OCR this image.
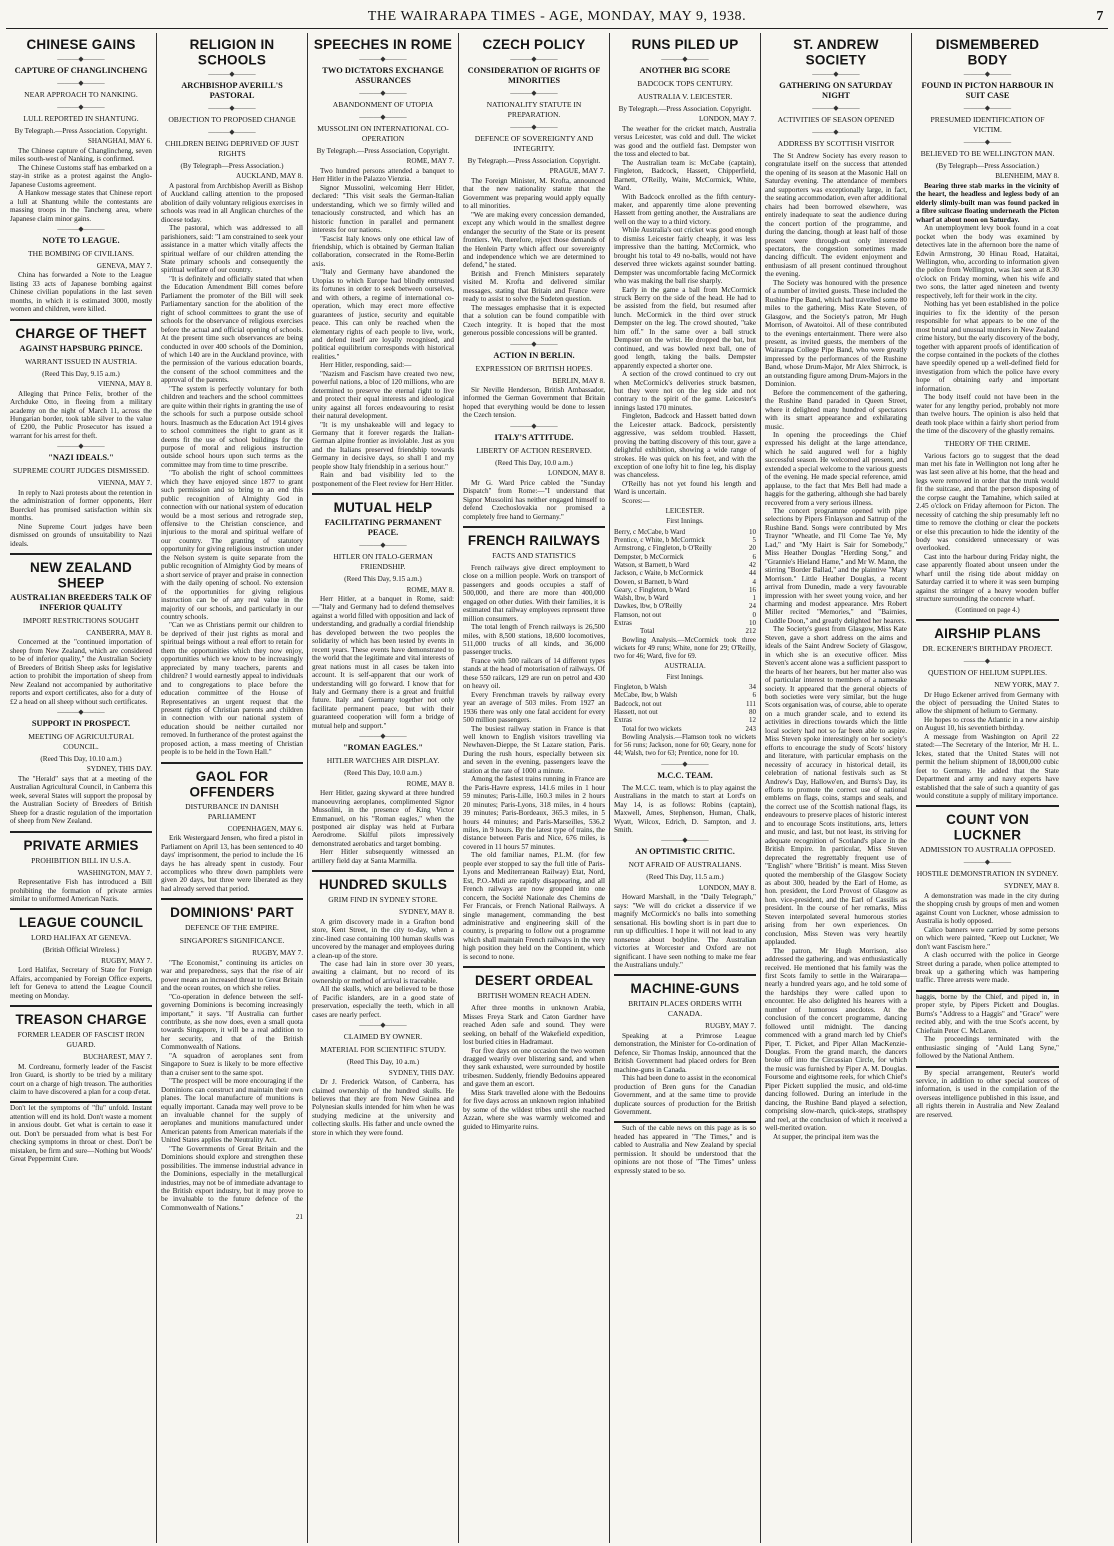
THE WAIRARAPA TIMES - AGE, MONDAY, MAY 9, 1938.	7
CHINESE GAINS
———◆———
CAPTURE OF CHANGLINCHENG
———◆———
NEAR APPROACH TO NANKING.
———◆———
LULL REPORTED IN SHANTUNG.
By Telegraph.—Press Association. Copyright.
SHANGHAI, MAY 6.

The Chinese capture of Changlincheng, seven miles south-west of Nanking, is confirmed.

The Chinese Customs staff has embarked on a stay-in strike as a protest against the Anglo-Japanese Customs agreement.

A Hankow message states that Chinese report a lull at Shantung while the contestants are massing troops in the Tancheng area, where Japanese claim minor gains.

———◆———
NOTE TO LEAGUE.
THE BOMBING OF CIVILIANS.
GENEVA, MAY 7.

China has forwarded a Note to the League listing 33 acts of Japanese bombing against Chinese civilian populations in the last seven months, in which it is estimated 3000, mostly women and children, were killed.

CHARGE OF THEFT
AGAINST HAPSBURG PRINCE.
WARRANT ISSUED IN AUSTRIA.
(Reed This Day, 9.15 a.m.)
VIENNA, MAY 8.

Alleging that Prince Felix, brother of the Archduke Otto, in fleeing from a military academy on the night of March 11, across the Hungarian border, took table silver to the value of £200, the Public Prosecutor has issued a warrant for his arrest for theft.

———◆———
"NAZI IDEALS."
SUPREME COURT JUDGES DISMISSED.
VIENNA, MAY 7.

In reply to Nazi protests about the retention in the administration of former opponents, Herr Buerckel has promised satisfaction within six months.

Nine Supreme Court judges have been dismissed on grounds of unsuitability to Nazi ideals.

NEW ZEALAND SHEEP
AUSTRALIAN BREEDERS TALK OF INFERIOR QUALITY
IMPORT RESTRICTIONS SOUGHT
CANBERRA, MAY 8.

Concerned at the "continued importation of sheep from New Zealand, which are considered to be of inferior quality," the Australian Society of Breeders of British Sheep asks for legislative action to prohibit the importation of sheep from New Zealand not accompanied by authoritative reports and export certificates, also for a duty of £2 a head on all sheep without such certificates.

———◆———
SUPPORT IN PROSPECT.
MEETING OF AGRICULTURAL COUNCIL.
(Reed This Day, 10.10 a.m.)
SYDNEY, THIS DAY.

The "Herald" says that at a meeting of the Australian Agricultural Council, in Canberra this week, several States will support the proposal by the Australian Society of Breeders of British Sheep for a drastic regulation of the importation of sheep from New Zealand.

PRIVATE ARMIES
PROHIBITION BILL IN U.S.A.
WASHINGTON, MAY 7.

Representative Fish has introduced a Bill prohibiting the formation of private armies similar to uniformed American Nazis.

LEAGUE COUNCIL
LORD HALIFAX AT GENEVA.
(British Official Wireless.)
RUGBY, MAY 7.

Lord Halifax, Secretary of State for Foreign Affairs, accompanied by Foreign Office experts, left for Geneva to attend the League Council meeting on Monday.

TREASON CHARGE
FORMER LEADER OF FASCIST IRON GUARD.
BUCHAREST, MAY 7.

M. Cordreanu, formerly leader of the Fascist Iron Guard, is shortly to be tried by a military court on a charge of high treason. The authorities claim to have discovered a plan for a coup d'etat.

Don't let the symptoms of "flu" unfold. Instant attention will end its hold. Don't waste a moment in anxious doubt. Get what is certain to ease it out. Don't be persuaded from what is best For checking symptoms in throat or chest. Don't be mistaken, be firm and sure—Nothing but Woods' Great Peppermint Cure.

RELIGION IN SCHOOLS
———◆———
ARCHBISHOP AVERILL'S PASTORAL
———◆———
OBJECTION TO PROPOSED CHANGE
———◆———
CHILDREN BEING DEPRIVED OF JUST RIGHTS
(By Telegraph—Press Association.)
AUCKLAND, MAY 8.

A pastoral from Archbishop Averill as Bishop of Auckland calling attention to the proposed abolition of daily voluntary religious exercises in schools was read in all Anglican churches of the diocese today.

The pastoral, which was addressed to all parishioners, said: "I am constrained to seek your assistance in a matter which vitally affects the spiritual welfare of our children attending the State primary schools and consequently the spiritual welfare of our country.

"It is definitely and officially stated that when the Education Amendment Bill comes before Parliament the promoter of the Bill will seek Parliamentary sanction for the abolition of the right of school committees to grant the use of schools for the observance of religious exercises before the actual and official opening of schools. At the present time such observances are being conducted in over 400 schools of the Dominion, of which 140 are in the Auckland province, with the permission of the various education boards, the consent of the school committees and the approval of the parents.

"The system is perfectly voluntary for both children and teachers and the school committees are quite within their rights in granting the use of the schools for such a purpose outside school hours. Inasmuch as the Education Act 1914 gives to school committees the right to grant as it deems fit the use of school buildings for the purpose of moral and religious instruction outside school hours upon such terms as the committee may from time to time prescribe.

"To abolish the right of school committees which they have enjoyed since 1877 to grant such permission and so bring to an end this public recognition of Almighty God in connection with our national system of education would be a most serious and retrograde step, offensive to the Christian conscience, and injurious to the moral and spiritual welfare of our country. The granting of statutory opportunity for giving religious instruction under the Nelson system is quite separate from the public recognition of Almighty God by means of a short service of prayer and praise in connection with the daily opening of school. No extension of the opportunities for giving religious instruction can be of any real value in the majority of our schools, and particularly in our country schools.

"Can we as Christians permit our children to be deprived of their just rights as moral and spiritual beings without a real effort to retain for them the opportunities which they now enjoy, opportunities which we know to be increasingly appreciated by many teachers, parents and children? I would earnestly appeal to individuals and to congregations to place before the education committee of the House of Representatives an urgent request that the present rights of Christian parents and children in connection with our national system of education should be neither curtailed nor removed. In furtherance of the protest against the proposed action, a mass meeting of Christian people is to be held in the Town Hall."

GAOL FOR OFFENDERS
DISTURBANCE IN DANISH PARLIAMENT
COPENHAGEN, MAY 6.

Erik Westergaard Jensen, who fired a pistol in Parliament on April 13, has been sentenced to 40 days' imprisonment, the period to include the 16 days he has already spent in custody. Four accomplices who threw down pamphlets were given 20 days, but three were liberated as they had already served that period.

DOMINIONS' PART
DEFENCE OF THE EMPIRE.
SINGAPORE'S SIGNIFICANCE.
RUGBY, MAY 7.

"The Economist," continuing its articles on war and preparedness, says that the rise of air power means an increased threat to Great Britain and the ocean routes, on which she relies.

"Co-operation in defence between the self-governing Dominions is becoming increasingly important," it says. "If Australia can further contribute, as she now does, even a small quota towards Singapore, it will be a real addition to her security, and that of the British Commonwealth of Nations.

"A squadron of aeroplanes sent from Singapore to Suez is likely to be more effective than a cruiser sent to the same spot.

"The prospect will be more encouraging if the Dominions can construct and maintain their own planes. The local manufacture of munitions is equally important. Canada may well prove to be an invaluable channel for the supply of aeroplanes and munitions manufactured under American patents from American materials if the United States applies the Neutrality Act.

"The Governments of Great Britain and the Dominions should explore and strengthen these possibilities. The immense industrial advance in the Dominions, especially in the metallurgical industries, may not be of immediate advantage to the British export industry, but it may prove to be invaluable to the future defence of the Commonwealth of Nations."

21
SPEECHES IN ROME
———◆———
TWO DICTATORS EXCHANGE ASSURANCES
———◆———
ABANDONMENT OF UTOPIA
———◆———
MUSSOLINI ON INTERNATIONAL CO-OPERATION
By Telegraph.—Press Association, Copyright.
ROME, MAY 7.

Two hundred persons attended a banquet to Herr Hitler in the Palazzo Vienzia.

Signor Mussolini, welcoming Herr Hitler, declared: "This visit seals the German-Italian understanding, which we so firmly willed and tenaciously constructed, and which has an historic function in parallel and permanent interests for our nations.

"Fascist Italy knows only one ethical law of friendship, which is obtained by German Italian collaboration, consecrated in the Rome-Berlin axis.

"Italy and Germany have abandoned the Utopias to which Europe had blindly entrusted its fortunes in order to seek between ourselves, and with others, a regime of international co-operation, which may erect more effective guarantees of justice, security and equitable peace. This can only be reached when the elementary rights of each people to live, work, and defend itself are loyally recognised, and political equilibrium corresponds with historical realities."

Herr Hitler, responding, said:—

"Nazism and Fascism have created two new, powerful nations, a bloc of 120 millions, who are determined to preserve the eternal right to live and protect their equal interests and ideological unity against all forces endeavouring to resist their natural development.

"It is my unshakeable will and legacy to Germany that it forever regards the Italian-German alpine frontier as inviolable. Just as you and the Italians preserved friendship towards Germany in decisive days, so shall I and my people show Italy friendship in a serious hour."

Rain and bad visibility led to the postponement of the Fleet review for Herr Hitler.

MUTUAL HELP
FACILITATING PERMANENT PEACE.
———◆———
HITLER ON ITALO-GERMAN FRIENDSHIP.
(Reed This Day, 9.15 a.m.)
ROME, MAY 8.

Herr Hitler, at a banquet in Rome, said:—"Italy and Germany had to defend themselves against a world filled with opposition and lack of understanding, and gradually a cordial friendship has developed between the two peoples the solidarity of which has been tested by events in recent years. These events have demonstrated to the world that the legitimate and vital interests of great nations must in all cases be taken into account. It is self-apparent that our work of understanding will go forward. I know that for Italy and Germany there is a great and fruitful future. Italy and Germany together not only facilitate permanent peace, but with their guaranteed cooperation will form a bridge of mutual help and support."

———◆———
"ROMAN EAGLES."
HITLER WATCHES AIR DISPLAY.
(Reed This Day, 10.0 a.m.)
ROME, MAY 8.

Herr Hitler, gazing skyward at three hundred manoeuvring aeroplanes, complimented Signor Mussolini, in the presence of King Victor Emmanuel, on his "Roman eagles," when the postponed air display was held at Furbara Aerodrome. Skilful pilots impressively demonstrated aerobatics and target bombing.

Herr Hitler subsequently witnessed an artillery field day at Santa Marmilla.

HUNDRED SKULLS
GRIM FIND IN SYDNEY STORE.
SYDNEY, MAY 8.

A grim discovery made in a Grafton bond store, Kent Street, in the city to-day, when a zinc-lined case containing 100 human skulls was uncovered by the manager and employees during a clean-up of the store.

The case had lain in store over 30 years, awaiting a claimant, but no record of its ownership or method of arrival is traceable.

All the skulls, which are believed to be those of Pacific islanders, are in a good state of preservation, especially the teeth, which in all cases are nearly perfect.

———◆———
CLAIMED BY OWNER.
MATERIAL FOR SCIENTIFIC STUDY.
(Reed This Day, 10 a.m.)
SYDNEY, THIS DAY.

Dr J. Frederick Watson, of Canberra, has claimed ownership of the hundred skulls. He believes that they are from New Guinea and Polynesian skulls intended for him when he was studying medicine at the university and collecting skulls. His father and uncle owned the store in which they were found.

CZECH POLICY
———◆———
CONSIDERATION OF RIGHTS OF MINORITIES
———◆———
NATIONALITY STATUTE IN PREPARATION.
———◆———
DEFENCE OF SOVEREIGNTY AND INTEGRITY.
By Telegraph.—Press Association. Copyright.
PRAGUE, MAY 7.

The Foreign Minister, M. Krofta, announced that the new nationality statute that the Government was preparing would apply equally to all minorities.

"We are making every concession demanded, except any which would in the smallest degree endanger the security of the State or its present frontiers. We, therefore, reject those demands of the Henlein Party which affect our sovereignty and independence which we are determined to defend," he stated.

British and French Ministers separately visited M. Krofta and delivered similar messages, stating that Britain and France were ready to assist to solve the Sudeten question.

The messages emphasise that it is expected that a solution can be found compatible with Czech integrity. It is hoped that the most generous possible concessions will be granted.

———◆———
ACTION IN BERLIN.
EXPRESSION OF BRITISH HOPES.
BERLIN, MAY 8.

Sir Neville Henderson, British Ambassador, informed the German Government that Britain hoped that everything would be done to lessen the Czech tension.

———◆———
ITALY'S ATTITUDE.
LIBERTY OF ACTION RESERVED.
(Reed This Day, 10.0 a.m.)
LONDON, MAY 8.

Mr G. Ward Price cabled the "Sunday Dispatch" from Rome:—"I understand that Signor Mussolini has neither engaged himself to defend Czechoslovakia nor promised a completely free hand to Germany."

FRENCH RAILWAYS
FACTS AND STATISTICS

French railways give direct employment to close on a million people. Work on transport of passengers and goods occupies a staff of 500,000, and there are more than 400,000 engaged on other duties. With their families, it is estimated that railway employees represent three million consumers.

The total length of French railways is 26,500 miles, with 8,500 stations, 18,600 locomotives, 511,000 trucks of all kinds, and 36,000 passenger trucks.

France with 500 railcars of 14 different types stands at the head of motorisation of railways. Of these 550 railcars, 129 are run on petrol and 430 on heavy oil.

Every Frenchman travels by railway every year an average of 503 miles. From 1927 an 1936 there was only one fatal accident for every 500 million passengers.

The busiest railway station in France is that well known to English visitors travelling via Newhaven-Dieppe, the St Lazare station, Paris. During the rush hours, especially between six and seven in the evening, passengers leave the station at the rate of 1000 a minute.

Among the fastest trains running in France are the Paris-Havre express, 141.6 miles in 1 hour 59 minutes; Paris-Lille, 160.3 miles in 2 hours 20 minutes; Paris-Lyons, 318 miles, in 4 hours 39 minutes; Paris-Bordeaux, 365.3 miles, in 5 hours 44 minutes; and Paris-Marseilles, 536.2 miles, in 9 hours. By the latest type of trains, the distance between Paris and Nice, 676 miles, is covered in 11 hours 57 minutes.

The old familiar names, P.L.M. (for few people ever stopped to say the full title of Paris-Lyons and Mediterranean Railway) Etat, Nord, Est, P.O.-Midi are rapidly disappearing, and all French railways are now grouped into one concern, the Société Nationale des Chemins de Fer Francais, or French National Railways. A single management, commanding the best administrative and engineering skill of the country, is preparing to follow out a programme which shall maintain French railways in the very high position they held on the Continent, which is second to none.

DESERT ORDEAL
BRITISH WOMEN REACH ADEN.

After three months in unknown Arabia, Misses Freya Stark and Caton Gardner have reached Aden safe and sound. They were seeking, on behalf of the Wakefield expedition, lost buried cities in Hadramaut.

For five days on one occasion the two women dragged wearily over blistering sand, and when they sank exhausted, were surrounded by hostile tribesmen. Suddenly, friendly Bedouins appeared and gave them an escort.

Miss Stark travelled alone with the Bedouins for five days across an unknown region inhabited by some of the wildest tribes until she reached Azzan, where she was warmly welcomed and guided to Himyarite ruins.

RUNS PILED UP
———◆———
ANOTHER BIG SCORE
BADCOCK TOPS CENTURY.
AUSTRALIA V. LEICESTER.
By Telegraph.—Press Association. Copyright.
LONDON, MAY 7.

The weather for the cricket match, Australia versus Leicester, was cold and dull. The wicket was good and the outfield fast. Dempster won the toss and elected to bat.

The Australian team is: McCabe (captain), Fingleton, Badcock, Hassett, Chipperfield, Barnett, O'Reilly, Waite, McCormick, White, Ward.

With Badcock enrolled as the fifth century-maker, and apparently time alone preventing Hassett from getting another, the Australians are well on the way to a third victory.

While Australia's out cricket was good enough to dismiss Leicester fairly cheaply, it was less impressive than the batting. McCormick, who brought his total to 49 no-balls, would not have deserved three wickets against sounder batting. Dempster was uncomfortable facing McCormick who was making the ball rise sharply.

Early in the game a ball from McCormick struck Berry on the side of the head. He had to be assisted from the field, but resumed after lunch. McCormick in the third over struck Dempster on the leg. The crowd shouted, "take him off." In the same over a ball struck Dempster on the wrist. He dropped the bat, but continued, and was bowled next ball, one of good length, taking the bails. Dempster apparently expected a shorter one.

A section of the crowd continued to cry out when McCormick's deliveries struck batsmen, but they were not on the leg side and not contrary to the spirit of the game. Leicester's innings lasted 170 minutes.

Fingleton, Badcock and Hassett batted down the Leicester attack. Badcock, persistently aggressive, was seldom troubled. Hassett, proving the batting discovery of this tour, gave a delightful exhibition, showing a wide range of strokes. He was quick on his feet, and with the exception of one lofty hit to fine leg, his display was chanceless.

O'Reilly has not yet found his length and Ward is uncertain.

Scores:—
LEICESTER.
First Innings.
Berry, c McCabe, b Ward	10
Prentice, c White, b McCormick	5
Armstrong, c Fingleton, b O'Reilly	20
Dempster, b McCormick	6
Watson, st Barnett, b Ward	42
Jackson, c Waite, b McCormick	44
Dowen, st Barnett, b Ward	4
Geary, c Fingleton, b Ward	16
Walsh, lbw, b Ward	1
Dawkes, lbw, b O'Reilly	24
Flamson, not out	0
Extras	10
Total	212

Bowling Analysis.—McCormick took three wickets for 49 runs; White, none for 29; O'Reilly, two for 46; Ward, five for 69.

AUSTRALIA.
First Innings.
Fingleton, b Walsh	34
McCabe, lbw, b Walsh	6
Badcock, not out	111
Hassett, not out	80
Extras	12
Total for two wickets	243

Bowling Analysis.—Flamson took no wickets for 56 runs; Jackson, none for 60; Geary, none for 44; Walsh, two for 63; Prentice, none for 10.

———◆———
M.C.C. TEAM.

The M.C.C. team, which is to play against the Australians in the match to start at Lord's on May 14, is as follows: Robins (captain), Maxwell, Ames, Stephenson, Human, Chalk, Wyatt, Wilcox, Edrich, D. Sampton, and J. Smith.

———◆———
AN OPTIMISTIC CRITIC.
NOT AFRAID OF AUSTRALIANS.
(Reed This Day, 11.5 a.m.)
LONDON, MAY 8.

Howard Marshall, in the "Daily Telegraph," says: "We will do cricket a disservice if we magnify McCormick's no balls into something sensational. His bowling short is in part due to run up difficulties. I hope it will not lead to any nonsense about bodyline. The Australian victories at Worcester and Oxford are not significant. I have seen nothing to make me fear the Australians unduly."

MACHINE-GUNS
BRITAIN PLACES ORDERS WITH CANADA.
RUGBY, MAY 7.

Speaking at a Primrose League demonstration, the Minister for Co-ordination of Defence, Sir Thomas Inskip, announced that the British Government had placed orders for Bren machine-guns in Canada.

This had been done to assist in the economical production of Bren guns for the Canadian Government, and at the same time to provide duplicate sources of production for the British Government.

Such of the cable news on this page as is so headed has appeared in "The Times," and is cabled to Australia and New Zealand by special permission. It should be understood that the opinions are not those of "The Times" unless expressly stated to be so.

ST. ANDREW SOCIETY
———◆———
GATHERING ON SATURDAY NIGHT
———◆———
ACTIVITIES OF SEASON OPENED
———◆———
ADDRESS BY SCOTTISH VISITOR

The St Andrew Society has every reason to congratulate itself on the success that attended the opening of its season at the Masonic Hall on Saturday evening. The attendance of members and supporters was exceptionally large, in fact, the seating accommodation, even after additional chairs had been borrowed elsewhere, was entirely inadequate to seat the audience during the concert portion of the programme, and during the dancing, though at least half of those present were through-out only interested spectators, the congestion sometimes made dancing difficult. The evident enjoyment and enthusiasm of all present continued throughout the evening.

The Society was honoured with the presence of a number of invited guests. These included the Rushine Pipe Band, which had travelled some 80 miles to the gathering, Miss Kate Steven, of Glasgow, and the Society's patron, Mr Hugh Morrison, of Awatoitoi. All of these contributed to the evenings entertainment. There were also present, as invited guests, the members of the Wairarapa College Pipe Band, who were greatly impressed by the performances of the Rushine Band, whose Drum-Major, Mr Alex Shirrock, is an outstanding figure among Drum-Majors in the Dominion.

Before the commencement of the gathering, the Rushine Band paraded in Queen Street, where it delighted many hundred of spectators with its smart appearance and exhilarating music.

In opening the proceedings the Chief expressed his delight at the large attendance, which he said augured well for a highly successful season. He welcomed all present, and extended a special welcome to the various guests of the evening. He made special reference, amid applause, to the fact that Mrs Bell had made a haggis for the gathering, although she had barely recovered from a very serious illness.

The concert programme opened with pipe selections by Pipers Finlayson and Sattrup of the Rushine Band. Songs were contributed by Mrs Traynor "Wheatle, and I'll Come Tae Ye, My Lad," and "My Hairt is Sair for Somebody," Miss Heather Douglas "Herding Song," and "Grannie's Hieland Hame," and Mr W. Mann, the stirring "Border Ballad," and the plaintive "Mary Morrison." Little Heather Douglas, a recent arrival from Dunedin, made a very favourable impression with her sweet young voice, and her charming and modest appearance. Mrs Robert Miller recited "Memories," and "Bairnies, Cuddle Doon," and greatly delighted her hearers.

The Society's guest from Glasgow, Miss Kate Steven, gave a short address on the aims and ideals of the Saint Andrew Society of Glasgow, in which she is an executive officer. Miss Steven's accent alone was a sufficient passport to the hearts of her hearers, but her matter also was of particular interest to members of a namesake society. It appeared that the general objects of both societies were very similar, but the huge Scots organisation was, of course, able to operate on a much grander scale, and to extend its activities in directions towards which the little local society had not so far been able to aspire. Miss Steven spoke interestingly on her society's efforts to encourage the study of Scots' history and literature, with particular emphasis on the necessity of accuracy in historical detail, its celebration of national festivals such as St Andrew's Day, Hallowe'en, and Burns's Day, its efforts to promote the correct use of national emblems on flags, coins, stamps and seals, and the correct use of the Scottish national flags, its endeavours to preserve places of historic interest and to encourage Scots institutions, arts, letters and music, and last, but not least, its striving for adequate recognition of Scotland's place in the British Empire. In particular, Miss Steven deprecated the regrettably frequent use of "English" where "British" is meant. Miss Steven quoted the membership of the Glasgow Society as about 300, headed by the Earl of Home, as hon. president, the Lord Provost of Glasgow as hon. vice-president, and the Earl of Cassilis as president. In the course of her remarks, Miss Steven interpolated several humorous stories arising from her own experiences. On conclusion, Miss Steven was very heartily applauded.

The patron, Mr Hugh Morrison, also addressed the gathering, and was enthusiastically received. He mentioned that his family was the first Scots family to settle in the Wairarapa—nearly a hundred years ago, and he told some of the hardships they were called upon to encounter. He also delighted his hearers with a number of humorous anecdotes. At the conclusion of the concert programme, dancing followed until midnight. The dancing commenced with a grand march led by Chief's Piper, T. Picket, and Piper Allan MacKenzie-Douglas. From the grand march, the dancers broke off into the Circassian Circle, for which the music was furnished by Piper A. M. Douglas. Foursome and eightsome reels, for which Chief's Piper Pickett supplied the music, and old-time dancing followed. During an interlude in the dancing, the Rushine Band played a selection, comprising slow-march, quick-steps, strathspey and reel, at the conclusion of which it received a well-merited ovation.

At supper, the principal item was the

DISMEMBERED BODY
———◆———
FOUND IN PICTON HARBOUR IN SUIT CASE
———◆———
PRESUMED IDENTIFICATION OF VICTIM.
———◆———
BELIEVED TO BE WELLINGTON MAN.
(By Telegraph—Press Association.)
BLENHEIM, MAY 8.

Bearing three stab marks in the vicinity of the heart, the headless and legless body of an elderly slimly-built man was found packed in a fibre suitcase floating underneath the Picton wharf at about noon on Saturday.

An unemployment levy book found in a coat pocket when the body was examined by detectives late in the afternoon bore the name of Edwin Armstrong, 30 Hinau Road, Hataitai, Wellington, who, according to information given the police from Wellington, was last seen at 8.30 o'clock on Friday morning, when his wife and two sons, the latter aged nineteen and twenty respectively, left for their work in the city.

Nothing has yet been established in the police inquiries to fix the identity of the person responsible for what appears to be one of the most brutal and unusual murders in New Zealand crime history, but the early discovery of the body, together with apparent proofs of identification of the corpse contained in the pockets of the clothes have speedily opened up a well-defined field for investigation from which the police have every hope of obtaining early and important information.

The body itself could not have been in the water for any lengthy period, probably not more than twelve hours. The opinion is also held that death took place within a fairly short period from the time of the discovery of the ghastly remains.

THEORY OF THE CRIME.

Various factors go to suggest that the dead man met his fate in Wellington not long after he was last seen alive at his home, that the head and legs were removed in order that the trunk would fit the suitcase, and that the person disposing of the corpse caught the Tamahine, which sailed at 2.45 o'clock on Friday afternoon for Picton. The necessity of catching the ship presumably left no time to remove the clothing or clear the pockets or else this precaution to hide the identity of the body was considered unnecessary or was overlooked.

Cast into the harbour during Friday night, the case apparently floated about unseen under the wharf until the rising tide about midday on Saturday carried it to where it was seen bumping against the stringer of a heavy wooden buffer structure surrounding the concrete wharf.

(Continued on page 4.)
AIRSHIP PLANS
DR. ECKENER'S BIRTHDAY PROJECT.
———◆———
QUESTION OF HELIUM SUPPLIES.
NEW YORK, MAY 7.

Dr Hugo Eckener arrived from Germany with the object of persuading the United States to allow the shipment of helium to Germany.

He hopes to cross the Atlantic in a new airship on August 10, his seventieth birthday.

A message from Washington on April 22 stated:—The Secretary of the Interior, Mr H. L. Ickes, stated that the United States will not permit the helium shipment of 18,000,000 cubic feet to Germany. He added that the State Department and army and navy experts have established that the sale of such a quantity of gas would constitute a supply of military importance.

COUNT VON LUCKNER
ADMISSION TO AUSTRALIA OPPOSED.
———◆———
HOSTILE DEMONSTRATION IN SYDNEY.
SYDNEY, MAY 8.

A demonstration was made in the city during the shopping crush by groups of men and women against Count von Luckner, whose admission to Australia is hotly opposed.

Calico banners were carried by some persons on which were painted, "Keep out Luckner, We don't want Fascism here."

A clash occurred with the police in George Street during a parade, when police attempted to break up a gathering which was hampering traffic. Three arrests were made.

haggis, borne by the Chief, and piped in, in proper style, by Pipers Pickett and Douglas. Burns's "Address to a Haggis" and "Grace" were recited ably, and with the true Scot's accent, by Chieftain Peter C. McLaren.

The proceedings terminated with the enthusiastic singing of "Auld Lang Syne," followed by the National Anthem.

By special arrangement, Reuter's world service, in addition to other special sources of information, is used in the compilation of the overseas intelligence published in this issue, and all rights therein in Australia and New Zealand are reserved.
